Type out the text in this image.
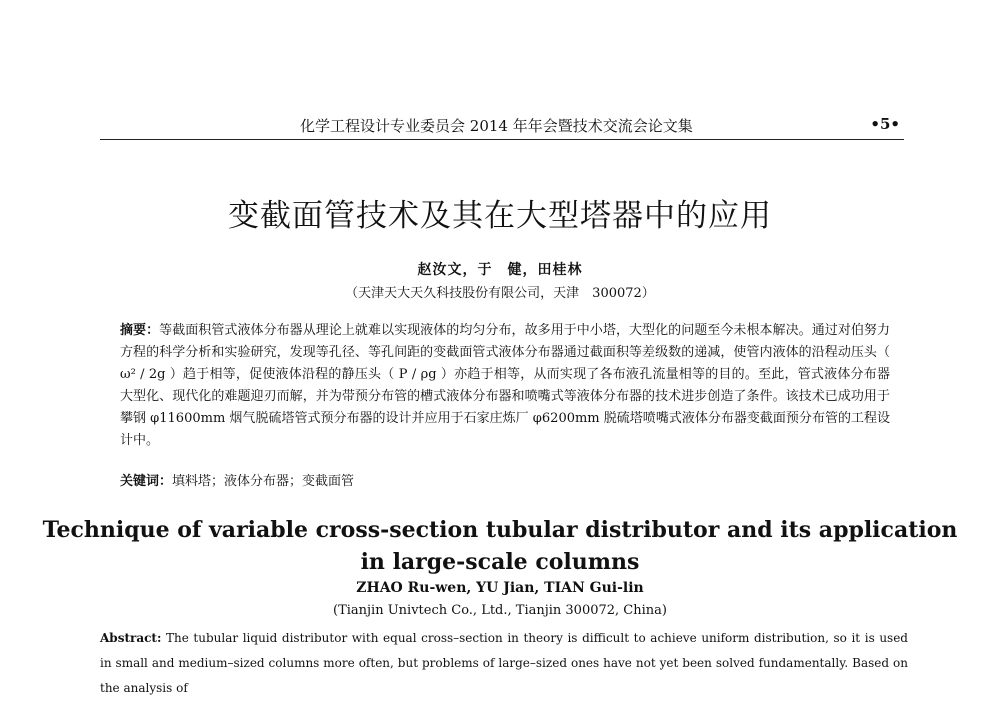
化学工程设计专业委员会 2014 年年会暨技术交流会论文集	•5•
变截面管技术及其在大型塔器中的应用
赵汝文，于　健，田桂林
（天津天大天久科技股份有限公司，天津　300072）
摘要：等截面积管式液体分布器从理论上就难以实现液体的均匀分布，故多用于中小塔，大型化的问题至今未根本解决。通过对伯努力方程的科学分析和实验研究，发现等孔径、等孔间距的变截面管式液体分布器通过截面积等差级数的递减，使管内液体的沿程动压头（ ω² / 2g ）趋于相等，促使液体沿程的静压头（ P / ρg ）亦趋于相等，从而实现了各布液孔流量相等的目的。至此，管式液体分布器大型化、现代化的难题迎刃而解，并为带预分布管的槽式液体分布器和喷嘴式等液体分布器的技术进步创造了条件。该技术已成功用于攀钢 φ11600mm 烟气脱硫塔管式预分布器的设计并应用于石家庄炼厂 φ6200mm 脱硫塔喷嘴式液体分布器变截面预分布管的工程设计中。
关键词：填料塔；液体分布器；变截面管
Technique of variable cross-section tubular distributor and its application
in large-scale columns
ZHAO Ru-wen, YU Jian, TIAN Gui-lin
(Tianjin Univtech Co., Ltd., Tianjin 300072, China)
Abstract: The tubular liquid distributor with equal cross–section in theory is difficult to achieve uniform distribution, so it is used in small and medium–sized columns more often, but problems of large–sized ones have not yet been solved fundamentally. Based on the analysis of
